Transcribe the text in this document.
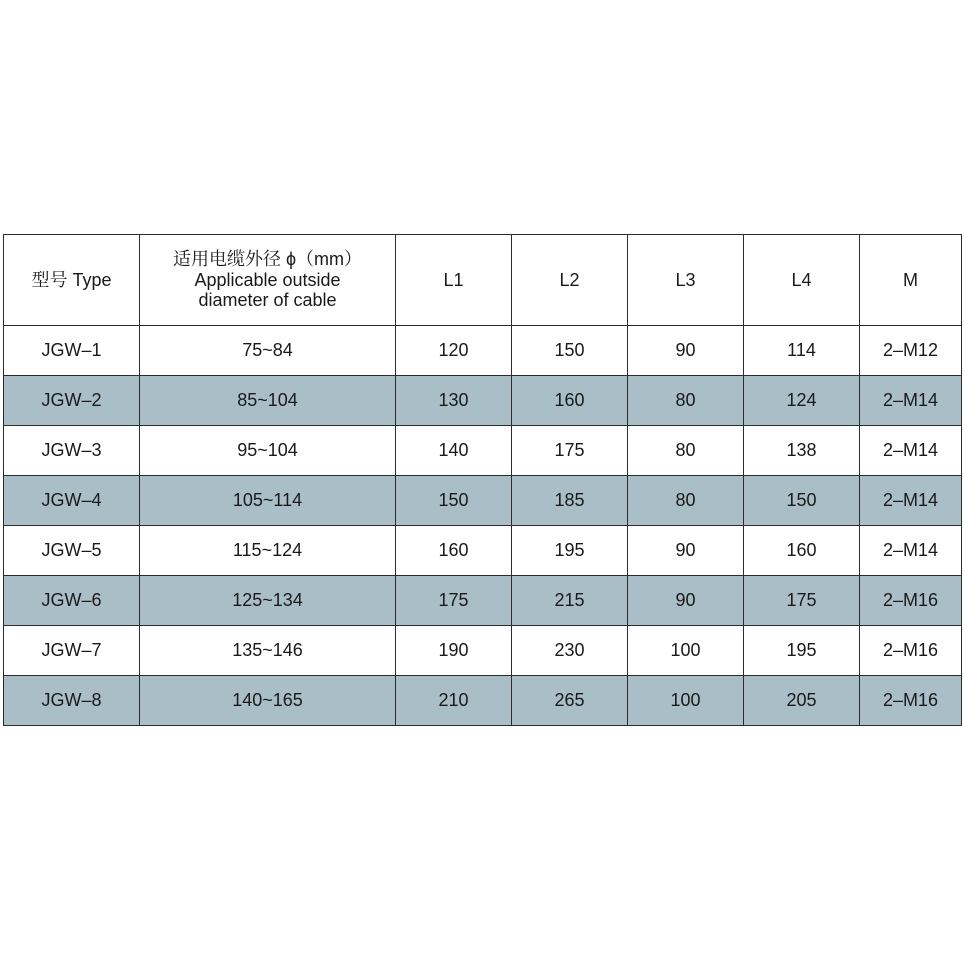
型号 Type	适用电缆外径 ϕ（mm）
Applicable outside
diameter of cable	L1	L2	L3	L4	M
JGW–1	75~84	120	150	90	114	2–M12
JGW–2	85~104	130	160	80	124	2–M14
JGW–3	95~104	140	175	80	138	2–M14
JGW–4	105~114	150	185	80	150	2–M14
JGW–5	115~124	160	195	90	160	2–M14
JGW–6	125~134	175	215	90	175	2–M16
JGW–7	135~146	190	230	100	195	2–M16
JGW–8	140~165	210	265	100	205	2–M16
